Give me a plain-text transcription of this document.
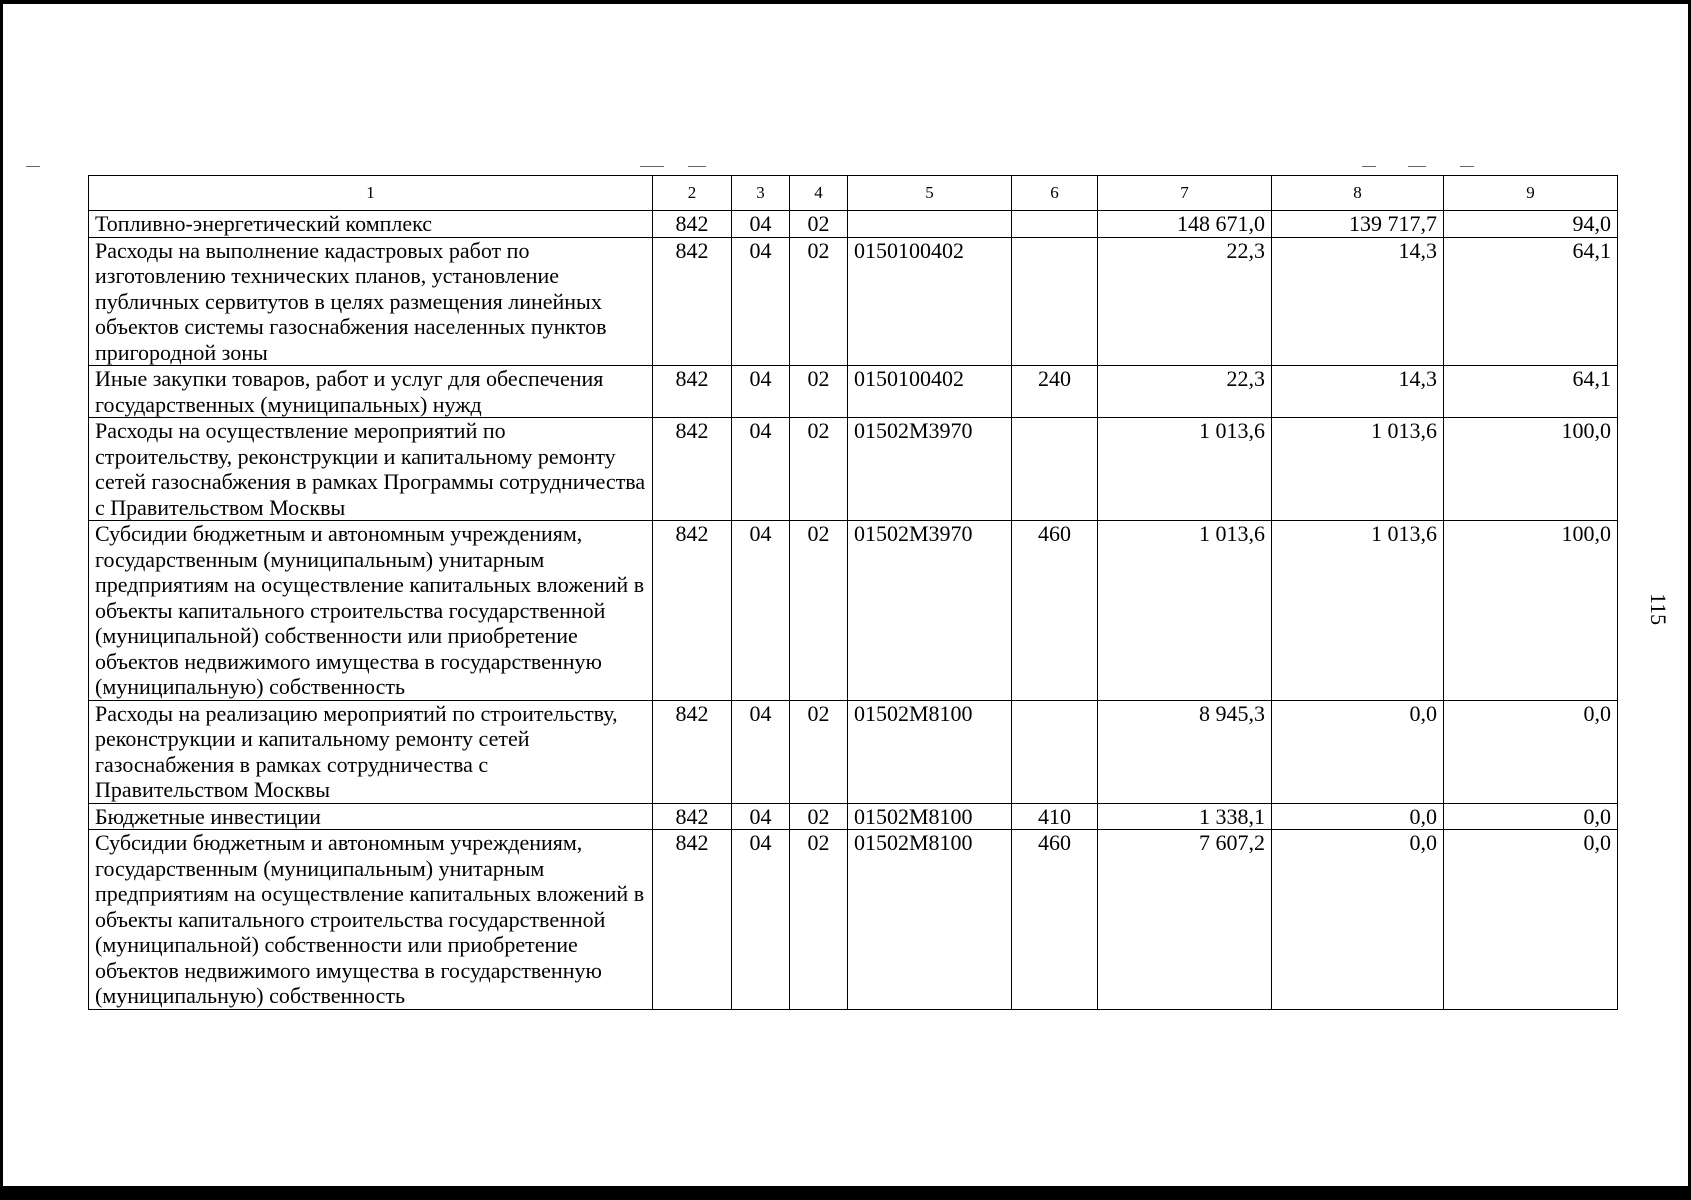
115
1	2	3	4	5	6	7	8	9
Топливно-энергетический комплекс	842	04	02			148 671,0	139 717,7	94,0
Расходы на выполнение кадастровых работ по изготовлению технических планов, установление публичных сервитутов в целях размещения линейных объектов системы газоснабжения населенных пунктов пригородной зоны	842	04	02	0150100402		22,3	14,3	64,1
Иные закупки товаров, работ и услуг для обеспечения государственных (муниципальных) нужд	842	04	02	0150100402	240	22,3	14,3	64,1
Расходы на осуществление мероприятий по строительству, реконструкции и капитальному ремонту сетей газоснабжения в рамках Программы сотрудничества с Правительством Москвы	842	04	02	01502M3970		1 013,6	1 013,6	100,0
Субсидии бюджетным и автономным учреждениям, государственным (муниципальным) унитарным предприятиям на осуществление капитальных вложений в объекты капитального строительства государственной (муниципальной) собственности или приобретение объектов недвижимого имущества в государственную (муниципальную) собственность	842	04	02	01502M3970	460	1 013,6	1 013,6	100,0
Расходы на реализацию мероприятий по строительству, реконструкции и капитальному ремонту сетей газоснабжения в рамках сотрудничества с Правительством Москвы	842	04	02	01502M8100		8 945,3	0,0	0,0
Бюджетные инвестиции	842	04	02	01502M8100	410	1 338,1	0,0	0,0
Субсидии бюджетным и автономным учреждениям, государственным (муниципальным) унитарным предприятиям на осуществление капитальных вложений в объекты капитального строительства государственной (муниципальной) собственности или приобретение объектов недвижимого имущества в государственную (муниципальную) собственность	842	04	02	01502M8100	460	7 607,2	0,0	0,0
